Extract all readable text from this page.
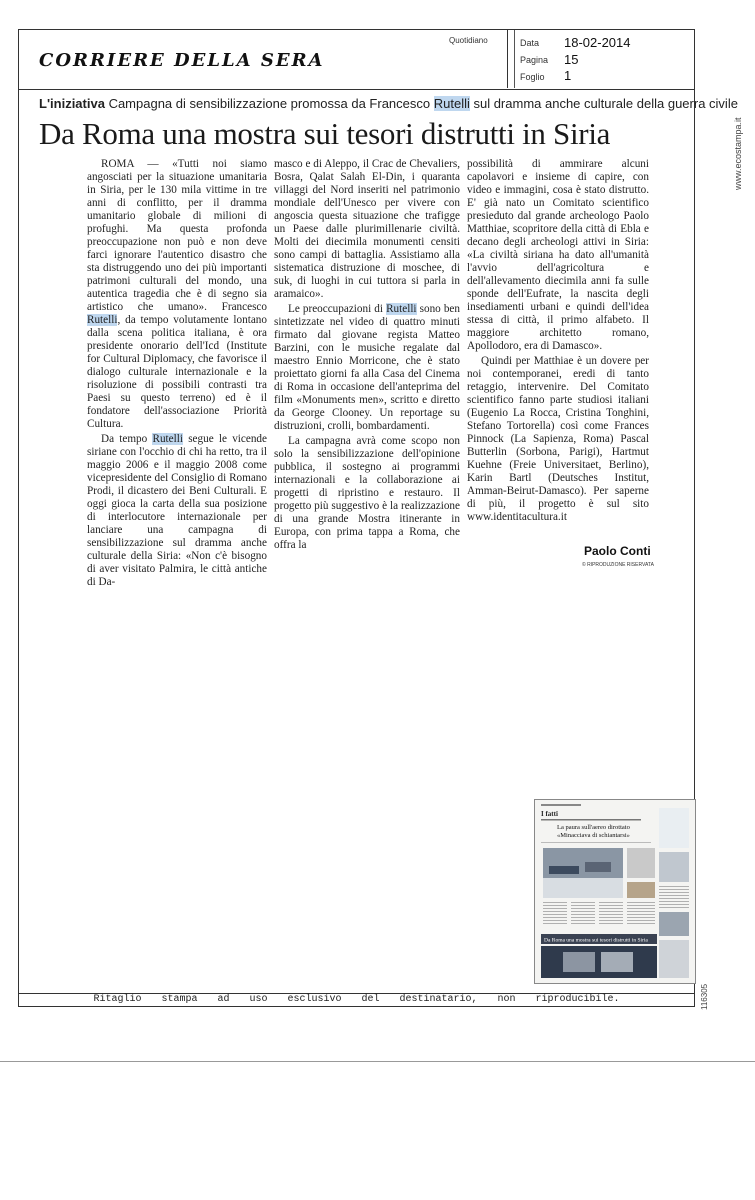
CORRIERE DELLA SERA
Quotidiano	Data 18-02-2014
Pagina 15
Foglio 1
L'iniziativa Campagna di sensibilizzazione promossa da Francesco Rutelli sul dramma anche culturale della guerra civile
Da Roma una mostra sui tesori distrutti in Siria

ROMA — «Tutti noi siamo angosciati per la situazione umanitaria in Siria, per le 130 mila vittime in tre anni di conflitto, per il dramma umanitario globale di milioni di profughi. Ma questa profonda preoccupazione non può e non deve farci ignorare l'autentico disastro che sta distruggendo uno dei più importanti patrimoni culturali del mondo, una autentica tragedia che è di segno sia artistico che umano». Francesco Rutelli, da tempo volutamente lontano dalla scena politica italiana, è ora presidente onorario dell'Icd (Institute for Cultural Diplomacy, che favorisce il dialogo culturale internazionale e la risoluzione di possibili contrasti tra Paesi su questo terreno) ed è il fondatore dell'associazione Priorità Cultura.

Da tempo Rutelli segue le vicende siriane con l'occhio di chi ha retto, tra il maggio 2006 e il maggio 2008 come vicepresidente del Consiglio di Romano Prodi, il dicastero dei Beni Culturali. E oggi gioca la carta della sua posizione di interlocutore internazionale per lanciare una campagna di sensibilizzazione sul dramma anche culturale della Siria: «Non c'è bisogno di aver visitato Palmira, le città antiche di Da-

masco e di Aleppo, il Crac de Chevaliers, Bosra, Qalat Salah El-Din, i quaranta villaggi del Nord inseriti nel patrimonio mondiale dell'Unesco per vivere con angoscia questa situazione che trafigge un Paese dalle plurimillenarie civiltà. Molti dei diecimila monumenti censiti sono campi di battaglia. Assistiamo alla sistematica distruzione di moschee, di suk, di luoghi in cui tuttora si parla in aramaico».

Le preoccupazioni di Rutelli sono ben sintetizzate nel video di quattro minuti firmato dal giovane regista Matteo Barzini, con le musiche regalate dal maestro Ennio Morricone, che è stato proiettato giorni fa alla Casa del Cinema di Roma in occasione dell'anteprima del film «Monuments men», scritto e diretto da George Clooney. Un reportage su distruzioni, crolli, bombardamenti.

La campagna avrà come scopo non solo la sensibilizzazione dell'opinione pubblica, il sostegno ai programmi internazionali e la collaborazione ai progetti di ripristino e restauro. Il progetto più suggestivo è la realizzazione di una grande Mostra itinerante in Europa, con prima tappa a Roma, che offra la

possibilità di ammirare alcuni capolavori e insieme di capire, con video e immagini, cosa è stato distrutto. E' già nato un Comitato scientifico presieduto dal grande archeologo Paolo Matthiae, scopritore della città di Ebla e decano degli archeologi attivi in Siria: «La civiltà siriana ha dato all'umanità l'avvio dell'agricoltura e dell'allevamento diecimila anni fa sulle sponde dell'Eufrate, la nascita degli insediamenti urbani e quindi dell'idea stessa di città, il primo alfabeto. Il maggiore architetto romano, Apollodoro, era di Damasco».

Quindi per Matthiae è un dovere per noi contemporanei, eredi di tanto retaggio, intervenire. Del Comitato scientifico fanno parte studiosi italiani (Eugenio La Rocca, Cristina Tonghini, Stefano Tortorella) così come Frances Pinnock (La Sapienza, Roma) Pascal Butterlin (Sorbona, Parigi), Hartmut Kuehne (Freie Universitaet, Berlino), Karin Bartl (Deutsches Institut, Amman-Beirut-Damasco). Per saperne di più, il progetto è sul sito www.identitacultura.it

Paolo Conti
© RIPRODUZIONE RISERVATA
Ritaglio stampa ad uso esclusivo del destinatario, non riproducibile.
I fatti
La paura sull'aereo dirottato
«Minacciava di schiantarsi»
Da Roma una mostra sui tesori distrutti in Siria
www.ecostampa.it
116305
